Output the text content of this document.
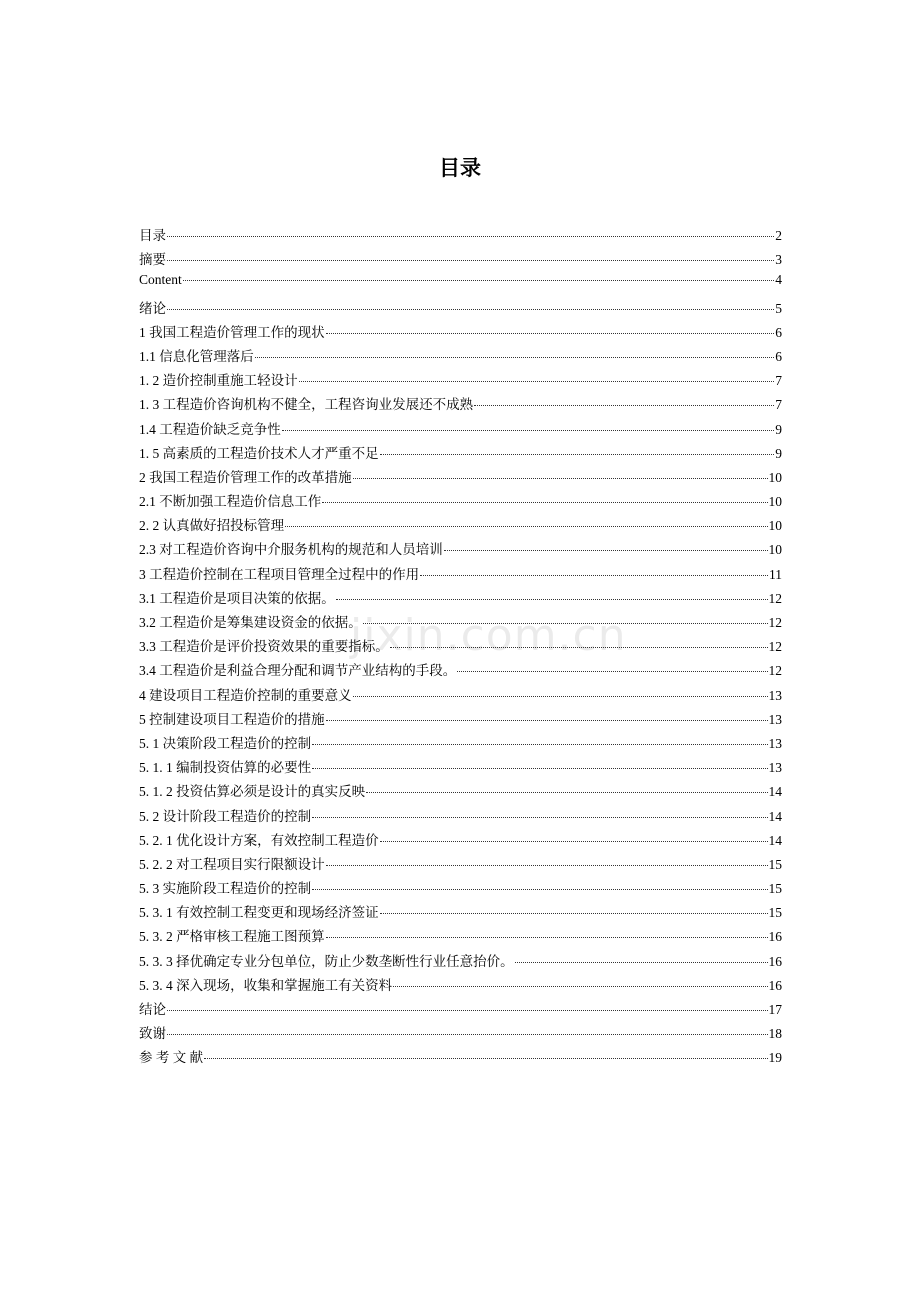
jixin.com.cn
目录
目录	2
摘要	3
Content	4
绪论	5
1 我国工程造价管理工作的现状	6
1.1 信息化管理落后	6
1. 2 造价控制重施工轻设计	7
1. 3 工程造价咨询机构不健全，工程咨询业发展还不成熟	7
1.4 工程造价缺乏竞争性	9
1. 5 高素质的工程造价技术人才严重不足	9
2 我国工程造价管理工作的改革措施	10
2.1 不断加强工程造价信息工作	10
2. 2 认真做好招投标管理	10
2.3 对工程造价咨询中介服务机构的规范和人员培训	10
3 工程造价控制在工程项目管理全过程中的作用	11
3.1 工程造价是项目决策的依据。	12
3.2 工程造价是筹集建设资金的依据。	12
3.3 工程造价是评价投资效果的重要指标。	12
3.4 工程造价是利益合理分配和调节产业结构的手段。	12
4 建设项目工程造价控制的重要意义	13
5 控制建设项目工程造价的措施	13
5. 1 决策阶段工程造价的控制	13
5. 1. 1 编制投资估算的必要性	13
5. 1. 2 投资估算必须是设计的真实反映	14
5. 2 设计阶段工程造价的控制	14
5. 2. 1 优化设计方案，有效控制工程造价	14
5. 2. 2 对工程项目实行限额设计	15
5. 3 实施阶段工程造价的控制	15
5. 3. 1 有效控制工程变更和现场经济签证	15
5. 3. 2 严格审核工程施工图预算	16
5. 3. 3 择优确定专业分包单位，防止少数垄断性行业任意抬价。	16
5. 3. 4 深入现场，收集和掌握施工有关资料	16
结论	17
致谢	18
参 考 文 献	19
